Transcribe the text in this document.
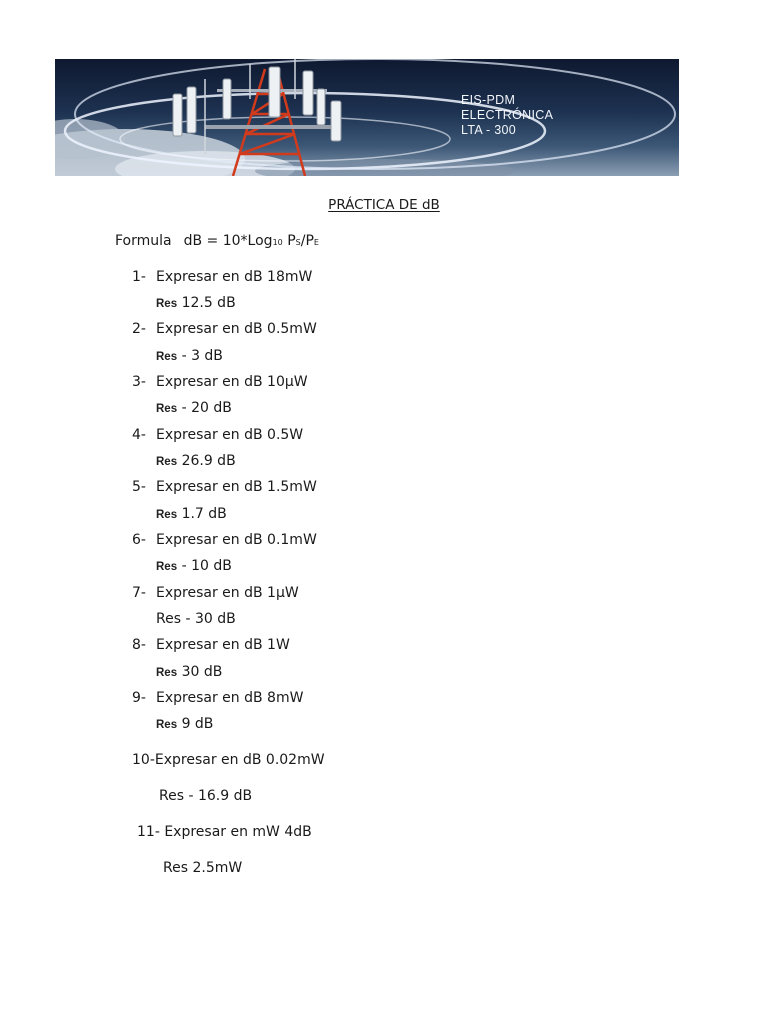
EIS-PDM
ELECTRÓNICA
LTA - 300
PRÁCTICA DE dB
Formula dB = 10*Log10 PS/PE
1- Expresar en dB 18mW
Res 12.5 dB
2- Expresar en dB 0.5mW
Res - 3 dB
3- Expresar en dB 10μW
Res - 20 dB
4- Expresar en dB 0.5W
Res 26.9 dB
5- Expresar en dB 1.5mW
Res 1.7 dB
6- Expresar en dB 0.1mW
Res - 10 dB
7- Expresar en dB 1μW
Res - 30 dB
8- Expresar en dB 1W
Res 30 dB
9- Expresar en dB 8mW
Res 9 dB
10-Expresar en dB 0.02mW
Res - 16.9 dB
11- Expresar en mW 4dB
Res 2.5mW
